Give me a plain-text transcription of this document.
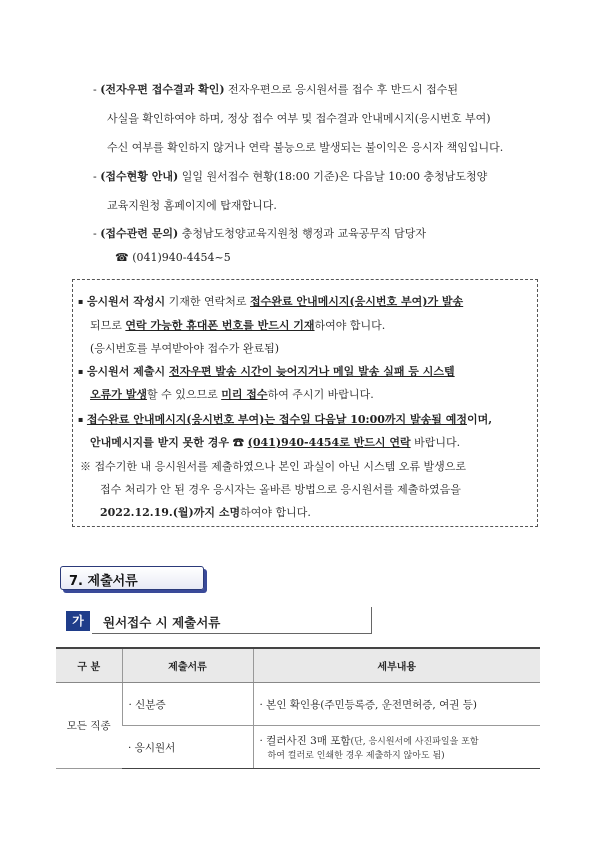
- (전자우편 접수결과 확인) 전자우편으로 응시원서를 접수 후 반드시 접수된
사실을 확인하여야 하며, 정상 접수 여부 및 접수결과 안내메시지(응시번호 부여)
수신 여부를 확인하지 않거나 연락 불능으로 발생되는 불이익은 응시자 책임입니다.
- (접수현황 안내) 일일 원서접수 현황(18:00 기준)은 다음날 10:00 충청남도청양
교육지원청 홈페이지에 탑재합니다.
- (접수관련 문의) 충청남도청양교육지원청 행정과 교육공무직 담당자
☎ (041)940-4454~5
▪ 응시원서 작성시 기재한 연락처로 접수완료 안내메시지(응시번호 부여)가 발송
되므로 연락 가능한 휴대폰 번호를 반드시 기재하여야 합니다.
(응시번호를 부여받아야 접수가 완료됨)
▪ 응시원서 제출시 전자우편 발송 시간이 늦어지거나 메일 발송 실패 등 시스템
오류가 발생할 수 있으므로 미리 접수하여 주시기 바랍니다.
▪ 접수완료 안내메시지(응시번호 부여)는 접수일 다음날 10:00까지 발송될 예정이며,
안내메시지를 받지 못한 경우 ☎ (041)940-4454로 반드시 연락 바랍니다.
※ 접수기한 내 응시원서를 제출하였으나 본인 과실이 아닌 시스템 오류 발생으로
접수 처리가 안 된 경우 응시자는 올바른 방법으로 응시원서를 제출하였음을
2022.12.19.(월)까지 소명하여야 합니다.
7. 제출서류
가	원서접수 시 제출서류
구 분	제출서류	세부내용
모든 직종	· 신분증	· 본인 확인용(주민등록증, 운전면허증, 여권 등)
	· 응시원서	· 컬러사진 3매 포함(단, 응시원서에 사진파일을 포함
하여 컬러로 인쇄한 경우 제출하지 않아도 됨)
